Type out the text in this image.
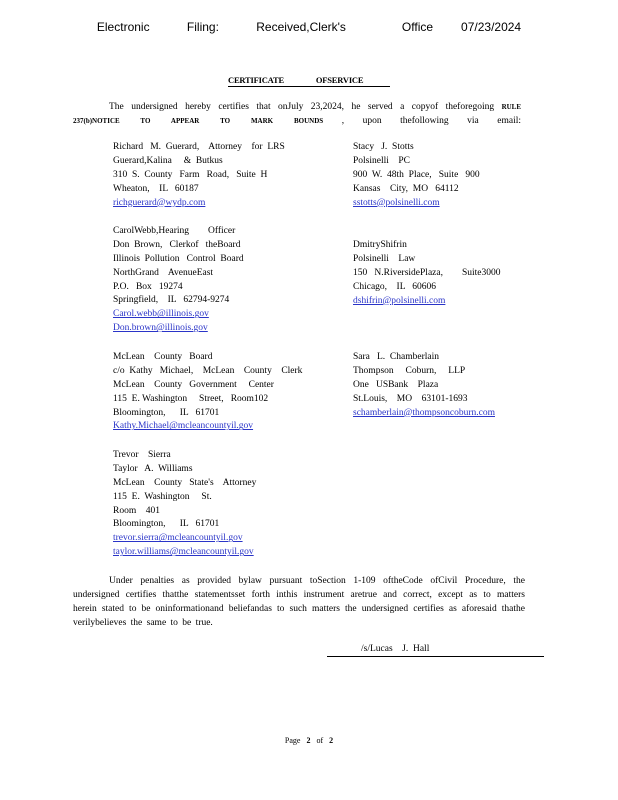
Electronic    Filing:    Received,Clerk's      Office   07/23/2024
CERTIFICATE OFSERVICE
The undersigned hereby certifies that onJuly 23,2024, he served a copyof theforegoing RULE 237(b)NOTICE TO APPEAR TO MARK BOUNDS , upon thefollowing via email:
Richard   M.  Guerard,    Attorney    for  LRS
Guerard,Kalina     &  Butkus
310  S.  County   Farm   Road,   Suite  H
Wheaton,    IL   60187
richguerard@wydp.com
CarolWebb,Hearing        Officer
Don  Brown,   Clerkof   theBoard
Illinois  Pollution   Control  Board
NorthGrand    AvenueEast
P.O.   Box   19274
Springfield,    IL   62794-9274
Carol.webb@illinois.gov
Don.brown@illinois.gov
McLean    County   Board
c/o  Kathy   Michael,    McLean    County    Clerk
McLean    County   Government     Center
115  E. Washington     Street,   Room102
Bloomington,      IL   61701
Kathy.Michael@mcleancountyil.gov
Trevor    Sierra
Taylor   A.  Williams
McLean    County   State's    Attorney
115  E.  Washington     St.
Room    401
Bloomington,      IL   61701
trevor.sierra@mcleancountyil.gov
taylor.williams@mcleancountyil.gov
Stacy   J.  Stotts
Polsinelli    PC
900  W.  48th  Place,   Suite   900
Kansas    City,  MO   64112
sstotts@polsinelli.com
DmitryShifrin
Polsinelli    Law
150   N.RiversidePlaza,        Suite3000
Chicago,    IL   60606
dshifrin@polsinelli.com
Sara   L.  Chamberlain
Thompson     Coburn,     LLP
One   USBank    Plaza
St.Louis,    MO    63101-1693
schamberlain@thompsoncoburn.com
Under penalties as provided bylaw pursuant toSection 1-109 oftheCode ofCivil Procedure, the undersigned certifies thatthe statementsset forth inthis instrument aretrue and correct, except as to matters herein stated to be oninformationand beliefandas to such matters the undersigned certifies as aforesaid thathe verilybelieves the same to be true.
/s/Lucas    J.  Hall
Page 2 of 2
